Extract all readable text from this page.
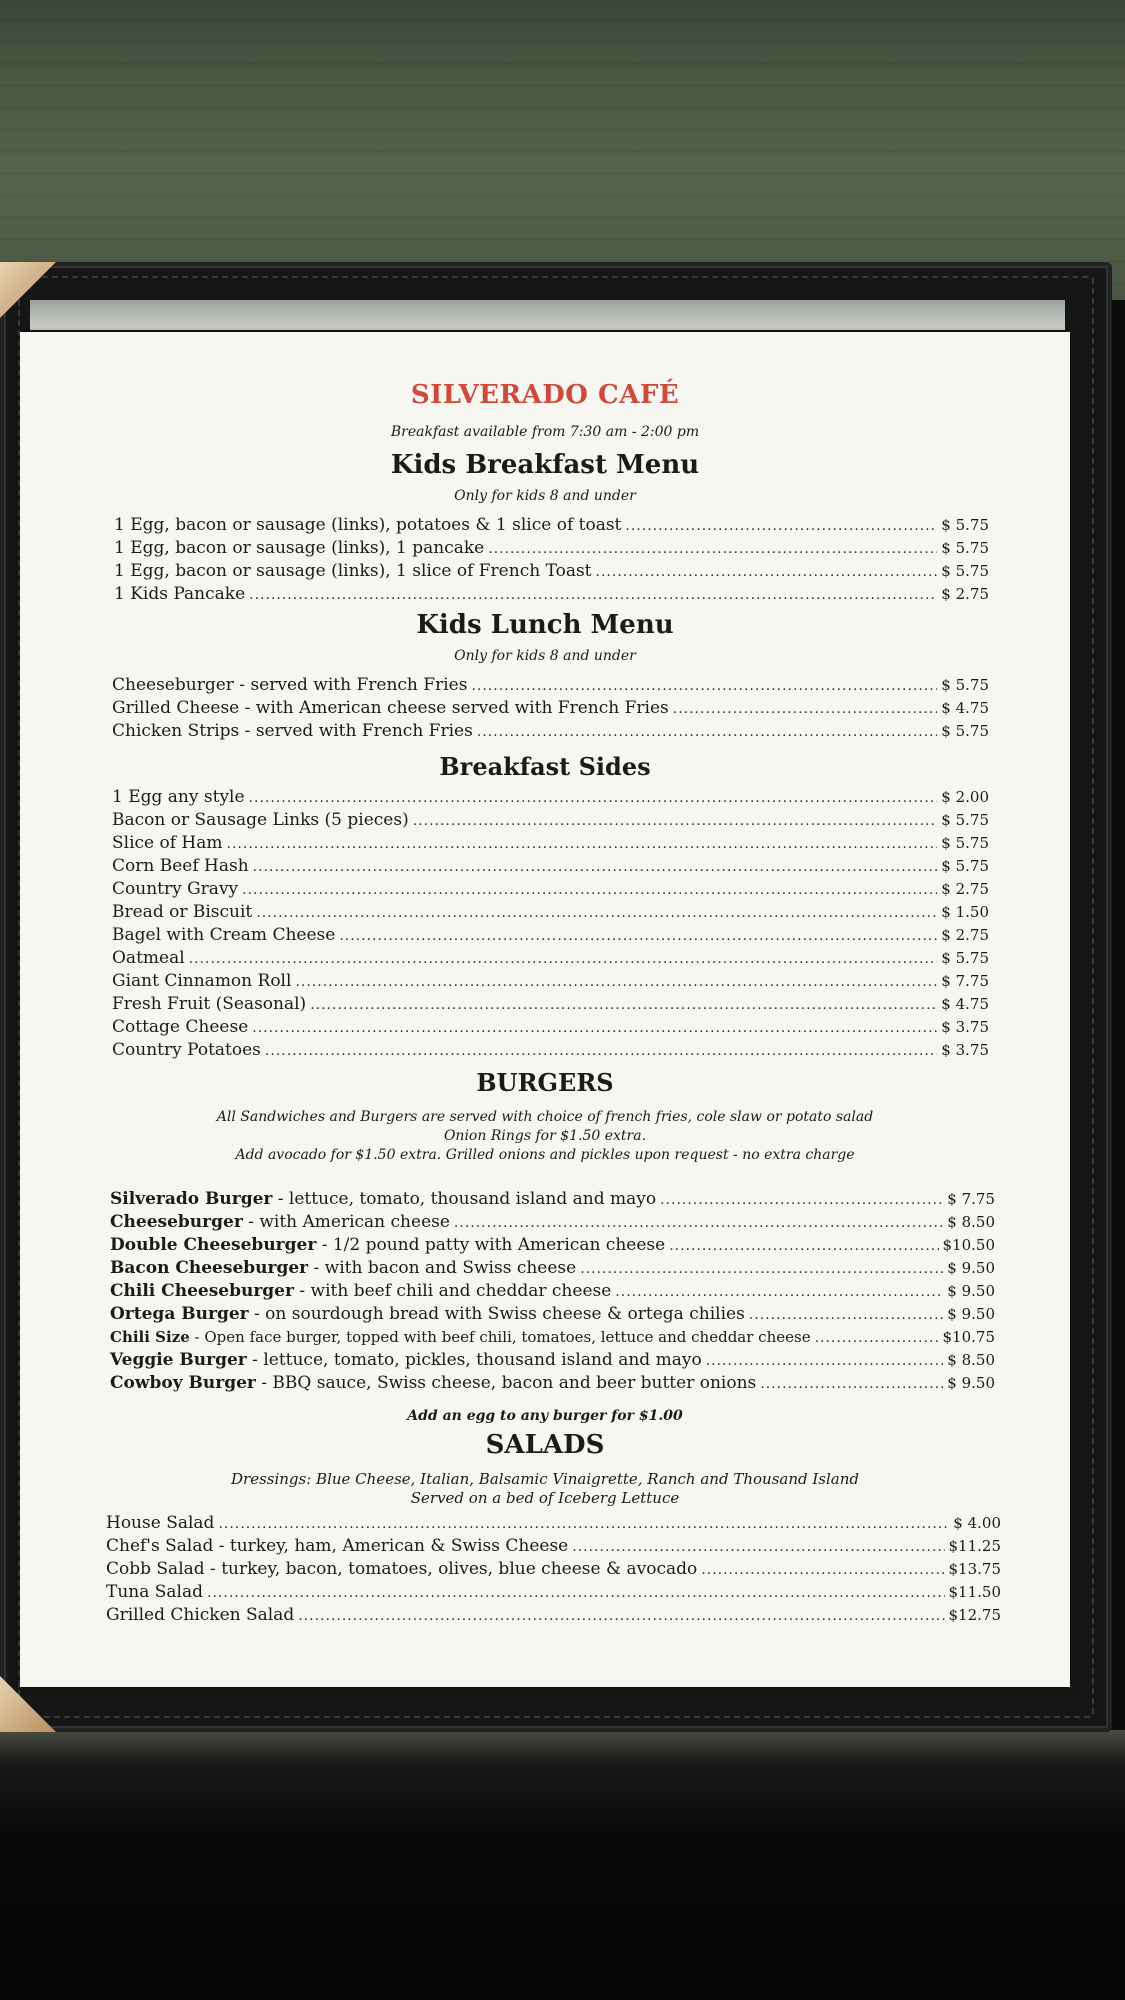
SILVERADO CAFÉ
Breakfast available from 7:30 am - 2:00 pm
Kids Breakfast Menu
Only for kids 8 and under
1 Egg, bacon or sausage (links), potatoes & 1 slice of toast .....	$ 5.75
1 Egg, bacon or sausage (links), 1 pancake .....	$ 5.75
1 Egg, bacon or sausage (links), 1 slice of French Toast .....	$ 5.75
1 Kids Pancake .....	$ 2.75
Kids Lunch Menu
Only for kids 8 and under
Cheeseburger - served with French Fries .....	$ 5.75
Grilled Cheese - with American cheese served with French Fries .....	$ 4.75
Chicken Strips - served with French Fries .....	$ 5.75
Breakfast Sides
1 Egg any style .....	$ 2.00
Bacon or Sausage Links (5 pieces) .....	$ 5.75
Slice of Ham .....	$ 5.75
Corn Beef Hash .....	$ 5.75
Country Gravy .....	$ 2.75
Bread or Biscuit .....	$ 1.50
Bagel with Cream Cheese .....	$ 2.75
Oatmeal .....	$ 5.75
Giant Cinnamon Roll .....	$ 7.75
Fresh Fruit (Seasonal) .....	$ 4.75
Cottage Cheese .....	$ 3.75
Country Potatoes .....	$ 3.75
BURGERS
All Sandwiches and Burgers are served with choice of french fries, cole slaw or potato salad
Onion Rings for $1.50 extra.
Add avocado for $1.50 extra. Grilled onions and pickles upon request - no extra charge
Silverado Burger - lettuce, tomato, thousand island and mayo .....	$ 7.75
Cheeseburger - with American cheese .....	$ 8.50
Double Cheeseburger - 1/2 pound patty with American cheese .....	$10.50
Bacon Cheeseburger - with bacon and Swiss cheese .....	$ 9.50
Chili Cheeseburger - with beef chili and cheddar cheese .....	$ 9.50
Ortega Burger - on sourdough bread with Swiss cheese & ortega chilies .....	$ 9.50
Chili Size - Open face burger, topped with beef chili, tomatoes, lettuce and cheddar cheese .....	$10.75
Veggie Burger - lettuce, tomato, pickles, thousand island and mayo .....	$ 8.50
Cowboy Burger - BBQ sauce, Swiss cheese, bacon and beer butter onions .....	$ 9.50
Add an egg to any burger for $1.00
SALADS
Dressings: Blue Cheese, Italian, Balsamic Vinaigrette, Ranch and Thousand Island
Served on a bed of Iceberg Lettuce
House Salad .....	$ 4.00
Chef's Salad - turkey, ham, American & Swiss Cheese .....	$11.25
Cobb Salad - turkey, bacon, tomatoes, olives, blue cheese & avocado .....	$13.75
Tuna Salad .....	$11.50
Grilled Chicken Salad .....	$12.75
